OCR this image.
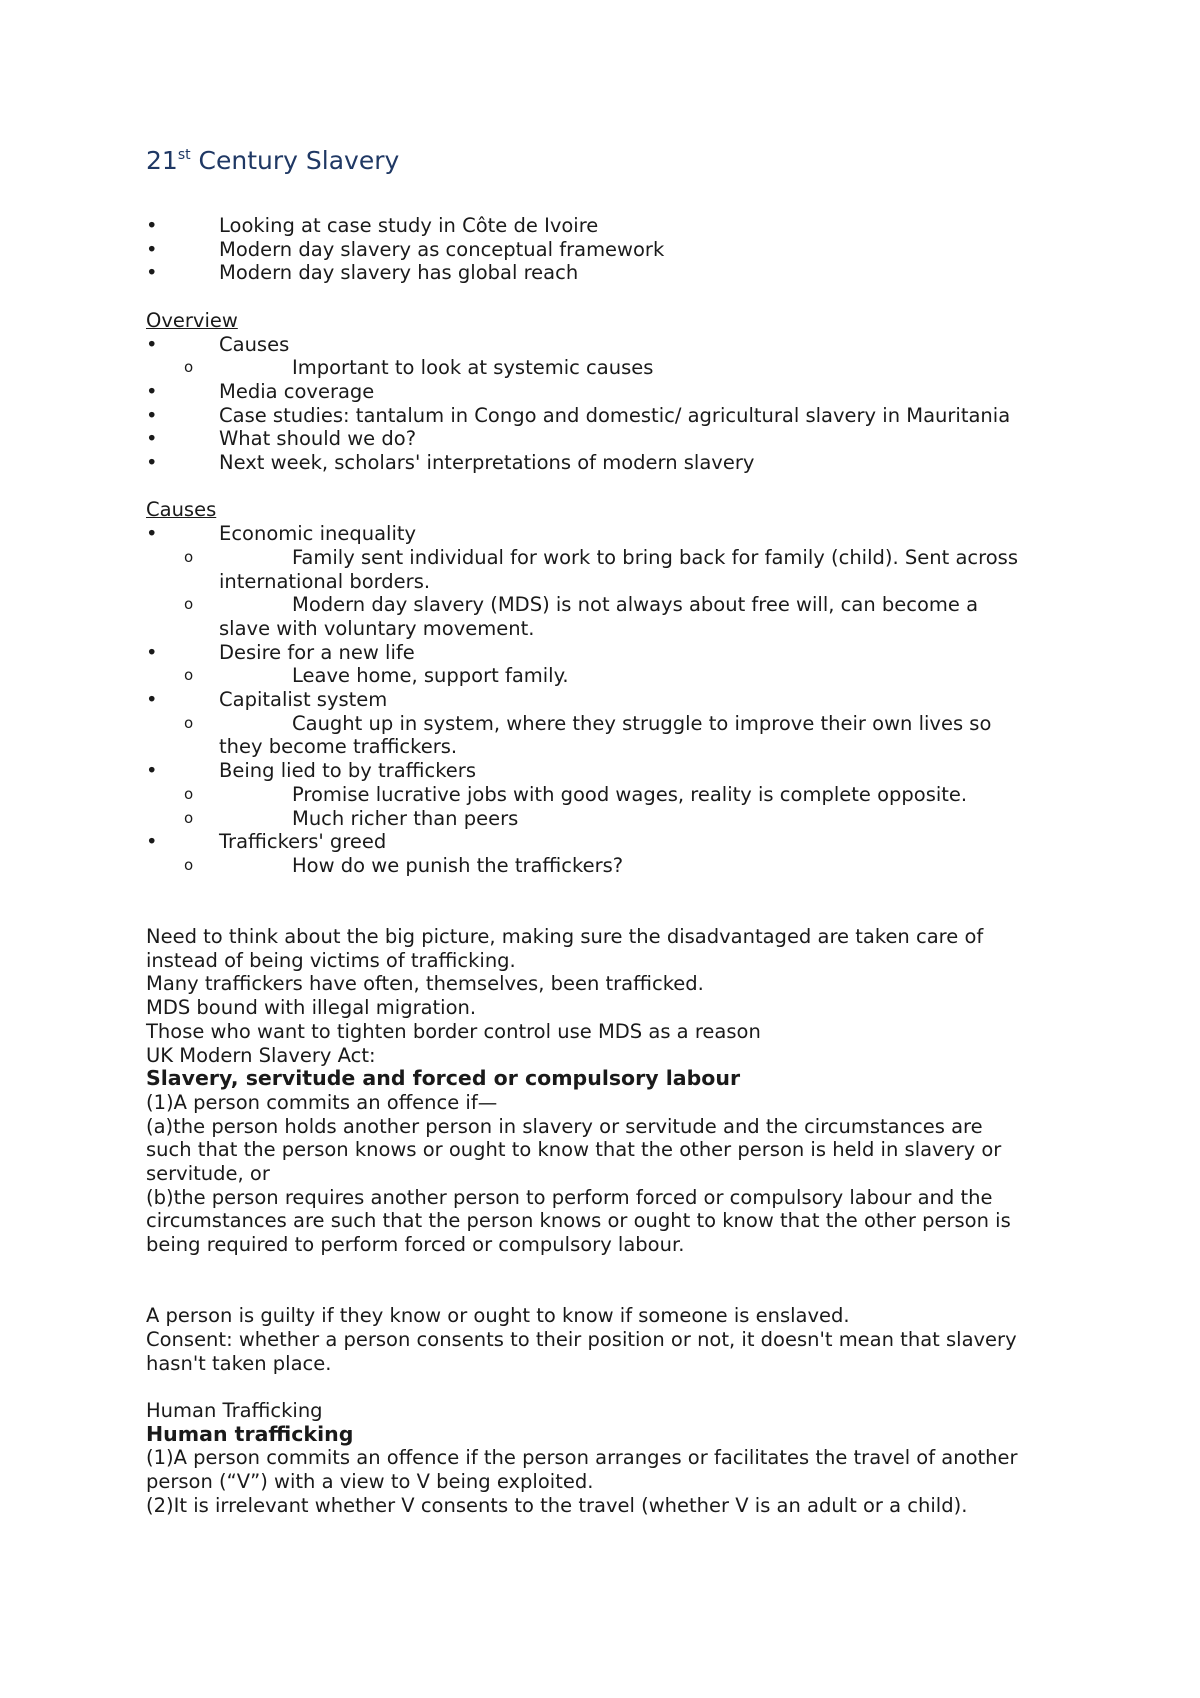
21st Century Slavery
•	Looking at case study in Côte de Ivoire
•	Modern day slavery as conceptual framework
•	Modern day slavery has global reach
Overview
•	Causes
o	Important to look at systemic causes
•	Media coverage
•	Case studies: tantalum in Congo and domestic/ agricultural slavery in Mauritania
•	What should we do?
•	Next week, scholars' interpretations of modern slavery
Causes
•	Economic inequality
o	Family sent individual for work to bring back for family (child). Sent across
international borders.
o	Modern day slavery (MDS) is not always about free will, can become a
slave with voluntary movement.
•	Desire for a new life
o	Leave home, support family.
•	Capitalist system
o	Caught up in system, where they struggle to improve their own lives so
they become traffickers.
•	Being lied to by traffickers
o	Promise lucrative jobs with good wages, reality is complete opposite.
o	Much richer than peers
•	Traffickers' greed
o	How do we punish the traffickers?
Need to think about the big picture, making sure the disadvantaged are taken care of
instead of being victims of trafficking.
Many traffickers have often, themselves, been trafficked.
MDS bound with illegal migration.
Those who want to tighten border control use MDS as a reason
UK Modern Slavery Act:
Slavery, servitude and forced or compulsory labour
(1)A person commits an offence if—
(a)the person holds another person in slavery or servitude and the circumstances are
such that the person knows or ought to know that the other person is held in slavery or
servitude, or
(b)the person requires another person to perform forced or compulsory labour and the
circumstances are such that the person knows or ought to know that the other person is
being required to perform forced or compulsory labour.
A person is guilty if they know or ought to know if someone is enslaved.
Consent: whether a person consents to their position or not, it doesn't mean that slavery
hasn't taken place.
Human Trafficking
Human trafficking
(1)A person commits an offence if the person arranges or facilitates the travel of another
person (“V”) with a view to V being exploited.
(2)It is irrelevant whether V consents to the travel (whether V is an adult or a child).
